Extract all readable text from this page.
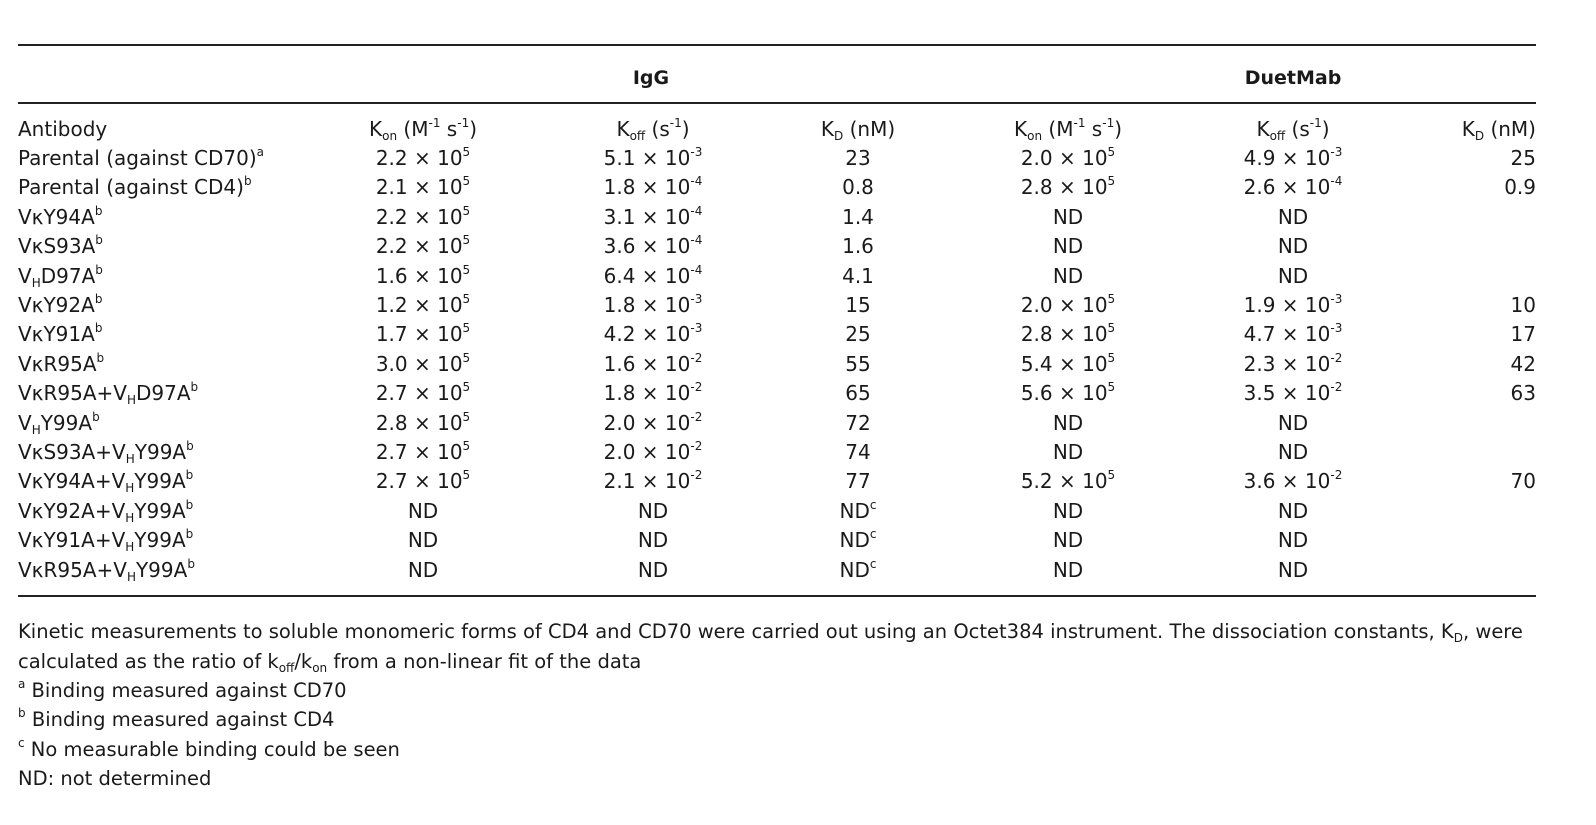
IgG	DuetMab
Antibody	$K_{on}$ ($M^{-1}$ $s^{-1}$)	$K_{off}$ $(s^{-1})$	$K_D$ (nM)	$K_{on}$ ($M^{-1}$ $s^{-1}$)	$K_{off}$ $(s^{-1})$	$K_D$ (nM)
Parental (against CD70)$^a$	$2.2 \times 10^5$	$5.1 \times 10^{-3}$	23	$2.0 \times 10^5$	$4.9 \times 10^{-3}$	25
Parental (against CD4)$^b$	$2.1 \times 10^5$	$1.8 \times 10^{-4}$	0.8	$2.8 \times 10^5$	$2.6 \times 10^{-4}$	0.9
$V\kappa Y94A^b$	$2.2 \times 10^5$	$3.1 \times 10^{-4}$	1.4	ND	ND	
$V\kappa S93A^b$	$2.2 \times 10^5$	$3.6 \times 10^{-4}$	1.6	ND	ND	
$V_HD97A^b$	$1.6 \times 10^5$	$6.4 \times 10^{-4}$	4.1	ND	ND	
$V\kappa Y92A^b$	$1.2 \times 10^5$	$1.8 \times 10^{-3}$	15	$2.0 \times 10^5$	$1.9 \times 10^{-3}$	10
$V\kappa Y91A^b$	$1.7 \times 10^5$	$4.2 \times 10^{-3}$	25	$2.8 \times 10^5$	$4.7 \times 10^{-3}$	17
$V\kappa R95A^b$	$3.0 \times 10^5$	$1.6 \times 10^{-2}$	55	$5.4 \times 10^5$	$2.3 \times 10^{-2}$	42
$V\kappa R95A+V_HD97A^b$	$2.7 \times 10^5$	$1.8 \times 10^{-2}$	65	$5.6 \times 10^5$	$3.5 \times 10^{-2}$	63
$V_HY99A^b$	$2.8 \times 10^5$	$2.0 \times 10^{-2}$	72	ND	ND	
$V\kappa S93A+V_HY99A^b$	$2.7 \times 10^5$	$2.0 \times 10^{-2}$	74	ND	ND	
$V\kappa Y94A+V_HY99A^b$	$2.7 \times 10^5$	$2.1 \times 10^{-2}$	77	$5.2 \times 10^5$	$3.6 \times 10^{-2}$	70
$V\kappa Y92A+V_HY99A^b$	ND	ND	$ND^c$	ND	ND	
$V\kappa Y91A+V_HY99A^b$	ND	ND	$ND^c$	ND	ND	
$V\kappa R95A+V_HY99A^b$	ND	ND	$ND^c$	ND	ND	

Kinetic measurements to soluble monomeric forms of CD4 and CD70 were carried out using an Octet384 instrument. The dissociation constants, $K_D$, were calculated as the ratio of $k_{off}/k_{on}$ from a non-linear fit of the data

$^a$ Binding measured against CD70

$^b$ Binding measured against CD4

$^c$ No measurable binding could be seen

ND: not determined
